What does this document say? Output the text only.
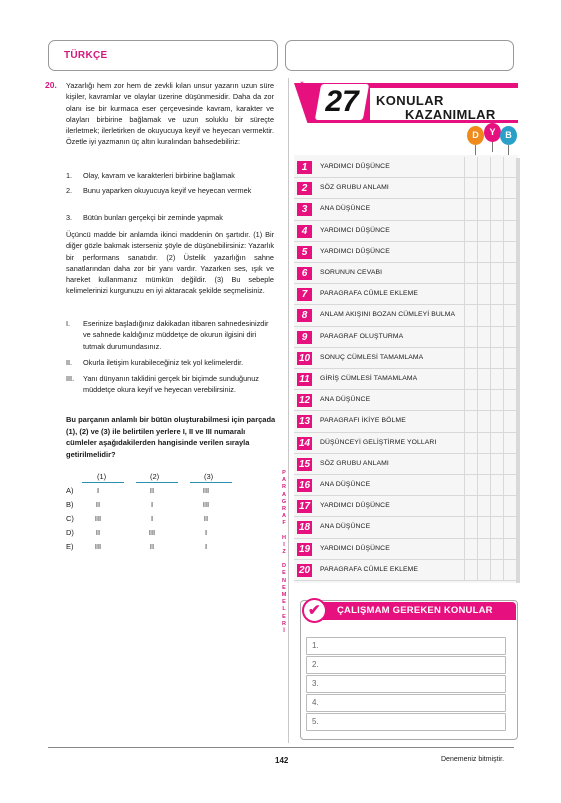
TÜRKÇE
20. Yazarlığı hem zor hem de zevkli kılan unsur yazarın uzun süre kişiler, kavramlar ve olaylar üzerine düşünmesidir. Daha da zor olanı ise bir kurmaca eser çerçevesinde kavram, karakter ve olayları birbirine bağlamak ve uzun soluklu bir süreçte ilerletmek; ilerletirken de okuyucuya keyif ve heyecan vermektir. Özetle iyi yazmanın üç altın kuralından bahsedebiliriz:
1. Olay, kavram ve karakterleri birbirine bağlamak
2. Bunu yaparken okuyucuya keyif ve heyecan vermek
3. Bütün bunları gerçekçi bir zeminde yapmak
Üçüncü madde bir anlamda ikinci maddenin ön şartıdır. (1) Bir diğer gözle bakmak isterseniz şöyle de düşünebilirsiniz: Yazarlık bir performans sanatıdır. (2) Üstelik yazarlığın sahne sanatlarından daha zor bir yanı vardır. Yazarken ses, ışık ve hareket kullanmanız mümkün değildir. (3) Bu sebeple kelimelerinizi kurgunuzu en iyi aktaracak şekilde seçmelisiniz.
I. Eserinize başladığınız dakikadan itibaren sahnedesinizdir ve sahnede kaldığınız müddetçe de okurun ilgisini diri tutmak durumundasınız.
II. Okurla iletişim kurabileceğiniz tek yol kelimelerdir.
III. Yanı dünyanın taklidini gerçek bir biçimde sunduğunuz müddetçe okura keyif ve heyecan verebilirsiniz.
Bu parçanın anlamlı bir bütün oluşturabilmesi için parçada (1), (2) ve (3) ile belirtilen yerlere I, II ve III numaralı cümleler aşağıdakilerden hangisinde verilen sırayla getirilmelidir?
(1)	(2)	(3)
A)	I	II	III
B)	II	I	III
C)	III	I	II
D)	II	III	I
E)	III	II	I
P
A
R
A
G
R
A
F
H
I
Z
D
E
N
E
M
E
L
E
R
İ
»
27	KONULAR
KAZANIMLAR
D	Y	B
1	YARDIMCI DÜŞÜNCE
2	SÖZ GRUBU ANLAMI
3	ANA DÜŞÜNCE
4	YARDIMCI DÜŞÜNCE
5	YARDIMCI DÜŞÜNCE
6	SORUNUN CEVABI
7	PARAGRAFA CÜMLE EKLEME
8	ANLAM AKIŞINI BOZAN CÜMLEYİ BULMA
9	PARAGRAF OLUŞTURMA
10 SONUÇ CÜMLESİ TAMAMLAMA
11	GİRİŞ CÜMLESİ TAMAMLAMA
12 ANA DÜŞÜNCE
13 PARAGRAFI İKİYE BÖLME
14 DÜŞÜNCEYİ GELİŞTİRME YOLLARI
15 SÖZ GRUBU ANLAMI
16 ANA DÜŞÜNCE
17 YARDIMCI DÜŞÜNCE
18 ANA DÜŞÜNCE
19 YARDIMCI DÜŞÜNCE
20 PARAGRAFA CÜMLE EKLEME
ÇALIŞMAM GEREKEN KONULAR
✔
1.
2.
3.
4.
5.
142	Denemeniz bitmiştir.
